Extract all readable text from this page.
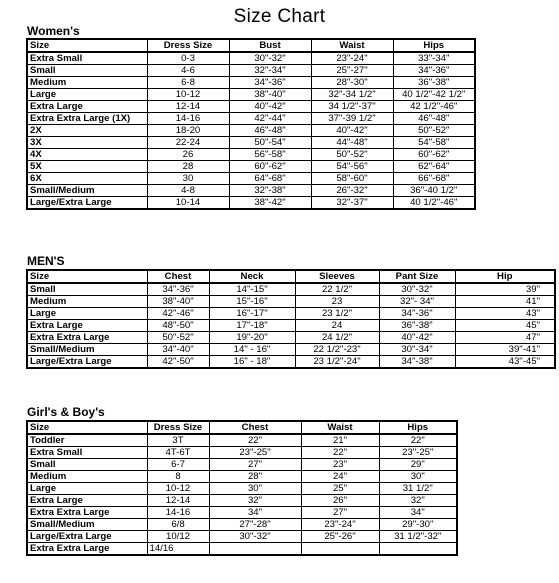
Size Chart
Women's
Size	Dress Size	Bust	Waist	Hips
Extra Small	0-3	30"-32"	23"-24"	33"-34"
Small	4-6	32"-34"	25"-27"	34"-36"
Medium	6-8	34"-36"	28"-30"	36"-38"
Large	10-12	38"-40"	32"-34 1/2"	40 1/2"-42 1/2"
Extra Large	12-14	40"-42"	34 1/2"-37"	42 1/2"-46"
Extra Extra Large (1X)	14-16	42"-44"	37"-39 1/2"	46"-48"
2X	18-20	46"-48"	40"-42"	50"-52"
3X	22-24	50"-54"	44"-48"	54"-58"
4X	26	56"-58"	50"-52"	60"-62"
5X	28	60"-62"	54"-56"	62"-64"
6X	30	64"-68"	58"-60"	66"-68"
Small/Medium	4-8	32"-38"	26"-32"	36"-40 1/2"
Large/Extra Large	10-14	38"-42"	32"-37"	40 1/2"-46"
MEN'S
Size	Chest	Neck	Sleeves	Pant Size	Hip
Small	34"-36"	14"-15"	22 1/2"	30"-32"	39"
Medium	38"-40"	15"-16"	23	32"- 34"	41"
Large	42"-46"	16"-17"	23 1/2"	34"-36"	43"
Extra Large	48"-50"	17"-18"	24	36"-38"	45"
Extra Extra Large	50"-52"	19"-20"	24 1/2"	40"-42"	47"
Small/Medium	34"-40"	14" - 16"	22 1/2"-23"	30"-34"	39"-41"
Large/Extra Large	42"-50"	16" - 18"	23 1/2"-24"	34"-38"	43"-45"
Girl's & Boy's
Size	Dress Size	Chest	Waist	Hips
Toddler	3T	22"	21"	22"
Extra Small	4T-6T	23"-25"	22"	23"-25"
Small	6-7	27"	23"	29"
Medium	8	28"	24"	30"
Large	10-12	30"	25"	31 1/2"
Extra Large	12-14	32"	26"	32"
Extra Extra Large	14-16	34"	27"	34"
Small/Medium	6/8	27"-28"	23"-24"	29"-30"
Large/Extra Large	10/12	30"-32"	25"-26"	31 1/2"-32"
Extra Extra Large	14/16			
